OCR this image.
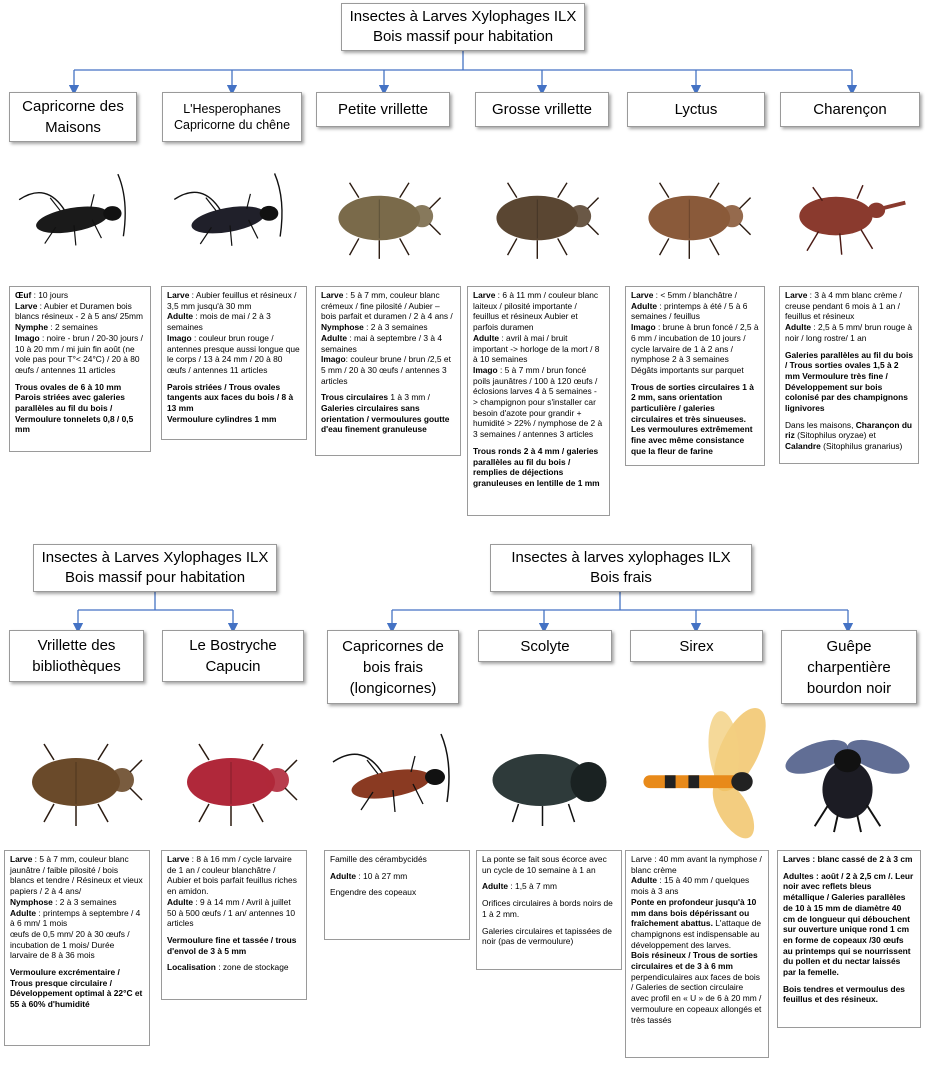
Insectes à Larves Xylophages ILX
Bois massif pour habitation
Insectes à Larves Xylophages ILX
Bois massif pour habitation
Insectes à larves xylophages ILX
Bois frais
Capricorne des
Maisons

Œuf : 10 jours

Larve : Aubier et Duramen bois blancs résineux - 2 à 5 ans/ 25mm

Nymphe : 2 semaines

Imago : noire - brun / 20-30 jours / 10 à 20 mm / mi juin fin août (ne vole pas pour T°< 24°C) / 20 à 80 œufs / antennes 11 articles

Trous ovales de 6 à 10 mm

Parois striées avec galeries parallèles au fil du bois / Vermoulure tonnelets 0,8 / 0,5 mm

L'Hesperophanes
Capricorne du chêne

Larve : Aubier feuillus et résineux / 3,5 mm jusqu'à 30 mm

Adulte : mois de mai / 2 à 3 semaines

Imago : couleur brun rouge / antennes presque aussi longue que le corps / 13 à 24 mm / 20 à 80 œufs / antennes 11 articles

Parois striées / Trous ovales tangents aux faces du bois / 8 à 13 mm

Vermoulure cylindres 1 mm

Petite vrillette

Larve : 5 à 7 mm, couleur blanc crémeux / fine pilosité / Aubier – bois parfait et duramen / 2 à 4 ans / Nymphose : 2 à 3 semaines

Adulte : mai à septembre / 3 à 4 semaines

Imago: couleur brune / brun /2,5 et 5 mm / 20 à 30 œufs / antennes 3 articles

Trous circulaires 1 à 3 mm / Galeries circulaires sans orientation / vermoulures goutte d'eau finement granuleuse

Grosse vrillette

Larve : 6 à 11 mm / couleur blanc laiteux / pilosité importante / feuillus et résineux Aubier et parfois duramen

Adulte : avril à mai / bruit important -> horloge de la mort / 8 à 10 semaines

Imago : 5 à 7 mm / brun foncé poils jaunâtres / 100 à 120 œufs / éclosions larves 4 à 5 semaines - > champignon pour s'installer car besoin d'azote pour grandir + humidité > 22% / nymphose de 2 à 3 semaines / antennes 3 articles

Trous ronds 2 à 4 mm / galeries parallèles au fil du bois / remplies de déjections granuleuses en lentille de 1 mm

Lyctus

Larve : < 5mm / blanchâtre /

Adulte : printemps à été / 5 à 6 semaines / feuillus

Imago : brune à brun foncé / 2,5 à 6 mm / incubation de 10 jours / cycle larvaire de 1 à 2 ans / nymphose 2 à 3 semaines

Dégâts importants sur parquet

Trous de sorties circulaires 1 à 2 mm, sans orientation particulière / galeries circulaires et très sinueuses. Les vermoulures extrêmement fine avec même consistance que la fleur de farine

Charençon

Larve : 3 à 4 mm blanc crème / creuse pendant 6 mois à 1 an / feuillus et résineux

Adulte : 2,5 à 5 mm/ brun rouge à noir / long rostre/ 1 an

Galeries parallèles au fil du bois / Trous sorties ovales 1,5 à 2 mm Vermoulure très fine / Développement sur bois colonisé par des champignons lignivores

Dans les maisons, Charançon du riz (Sitophilus oryzae) et Calandre (Sitophilus granarius)

Vrillette des
bibliothèques

Larve : 5 à 7 mm, couleur blanc jaunâtre / faible pilosité / bois blancs et tendre / Résineux et vieux papiers / 2 à 4 ans/

Nymphose : 2 à 3 semaines

Adulte : printemps à septembre / 4 à 6 mm/ 1 mois

œufs de 0,5 mm/ 20 à 30 œufs / incubation de 1 mois/ Durée larvaire de 8 à 36 mois

Vermoulure excrémentaire / Trous presque circulaire / Développement optimal à 22°C et 55 à 60% d'humidité

Le Bostryche
Capucin

Larve : 8 à 16 mm / cycle larvaire de 1 an / couleur blanchâtre / Aubier et bois parfait feuillus riches en amidon.

Adulte : 9 à 14 mm / Avril à juillet 50 à 500 œufs / 1 an/ antennes 10 articles

Vermoulure fine et tassée / trous d'envol de 3 à 5 mm

Localisation : zone de stockage

Capricornes de
bois frais
(longicornes)

Famille des cérambycidés

Adulte : 10 à 27 mm

Engendre des copeaux

Scolyte

La ponte se fait sous écorce avec un cycle de 10 semaine à 1 an

Adulte : 1,5 à 7 mm

Orifices circulaires à bords noirs de 1 à 2 mm.

Galeries circulaires et tapissées de noir (pas de vermoulure)

Sirex

Larve : 40 mm avant la nymphose / blanc crème

Adulte : 15 à 40 mm / quelques mois à 3 ans

Ponte en profondeur jusqu'à 10 mm dans bois dépérissant ou fraîchement abattus. L'attaque de champignons est indispensable au développement des larves.

Bois résineux / Trous de sorties circulaires et de 3 à 6 mm perpendiculaires aux faces de bois / Galeries de section circulaire avec profil en « U » de 6 à 20 mm / vermoulure en copeaux allongés et très tassés

Guêpe
charpentière
bourdon noir

Larves : blanc cassé de 2 à 3 cm

Adultes : août / 2 à 2,5 cm /. Leur noir avec reflets bleus métallique / Galeries parallèles de 10 à 15 mm de diamètre 40 cm de longueur qui débouchent sur ouverture unique rond 1 cm en forme de copeaux /30 œufs au printemps qui se nourrissent du pollen et du nectar laissés par la femelle.

Bois tendres et vermoulus des feuillus et des résineux.
